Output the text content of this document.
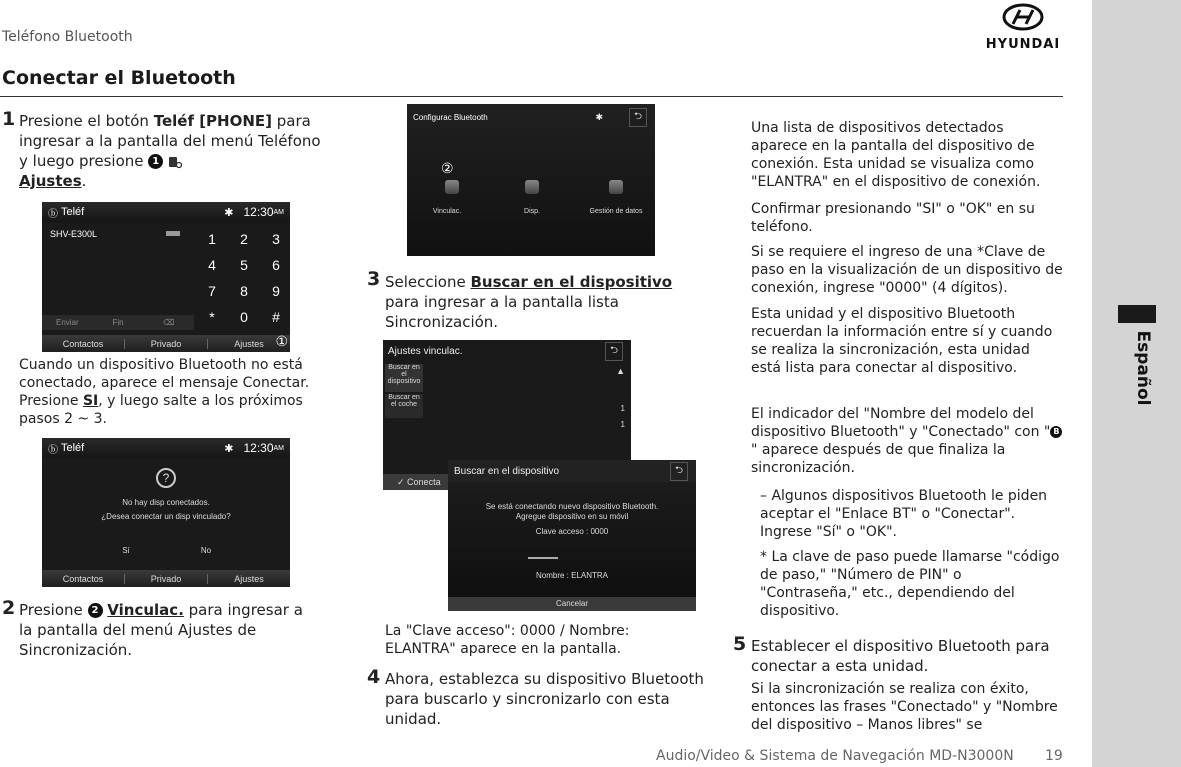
Teléfono Bluetooth	HYUNDAI
Conectar el Bluetooth
Español
1 Presione el botón Teléf [PHONE] para ingresar a la pantalla del menú Teléfono y luego presione 1
Ajustes.
ⓑ Teléf	✱ 12:30 AM
SHV-E300L	1	2	3
4	5	6
7	8	9
*	0	#
Enviar	Fin	⌫
Contactos	Privado	Ajustes ①
Cuando un dispositivo Bluetooth no está conectado, aparece el mensaje Conectar. Presione SI, y luego salte a los próximos pasos 2 ~ 3.
ⓑ Teléf	✱ 12:30 AM
?
No hay disp conectados.
¿Desea conectar un disp vinculado?
Sí	No
Contactos	Privado	Ajustes
2 Presione 2 Vinculac. para ingresar a la pantalla del menú Ajustes de Sincronización.
Configurac Bluetooth	✱	⮌
②
Vinculac.	Disp.	Gestión de datos
3 Seleccione Buscar en el dispositivo para ingresar a la pantalla lista Sincronización.
Ajustes vinculac.	⮌
Buscar en el dispositivo
Buscar en el coche
▲
1
1
✓ Conecta
Buscar en el dispositivo	⮌
Se está conectando nuevo dispositivo Bluetooth.
Agregue dispositivo en su móvil
Clave acceso : 0000
Nombre : ELANTRA
Cancelar
La "Clave acceso": 0000 / Nombre: ELANTRA" aparece en la pantalla.
4 Ahora, establezca su dispositivo Bluetooth para buscarlo y sincronizarlo con esta unidad.
Una lista de dispositivos detectados aparece en la pantalla del dispositivo de conexión. Esta unidad se visualiza como "ELANTRA" en el dispositivo de conexión.
Confirmar presionando "SI" o "OK" en su teléfono.
Si se requiere el ingreso de una *Clave de paso en la visualización de un dispositivo de conexión, ingrese "0000" (4 dígitos).
Esta unidad y el dispositivo Bluetooth recuerdan la información entre sí y cuando se realiza la sincronización, esta unidad está lista para conectar al dispositivo.
El indicador del "Nombre del modelo del dispositivo Bluetooth" y "Conectado" con " B" aparece después de que finaliza la sincronización.
– Algunos dispositivos Bluetooth le piden aceptar el "Enlace BT" o "Conectar". Ingrese "Sí" o "OK".
* La clave de paso puede llamarse "código de paso," "Número de PIN" o "Contraseña," etc., dependiendo del dispositivo.
5 Establecer el dispositivo Bluetooth para conectar a esta unidad.
Si la sincronización se realiza con éxito, entonces las frases "Conectado" y "Nombre del dispositivo – Manos libres" se
Audio/Video & Sistema de Navegación MD-N3000N 19
